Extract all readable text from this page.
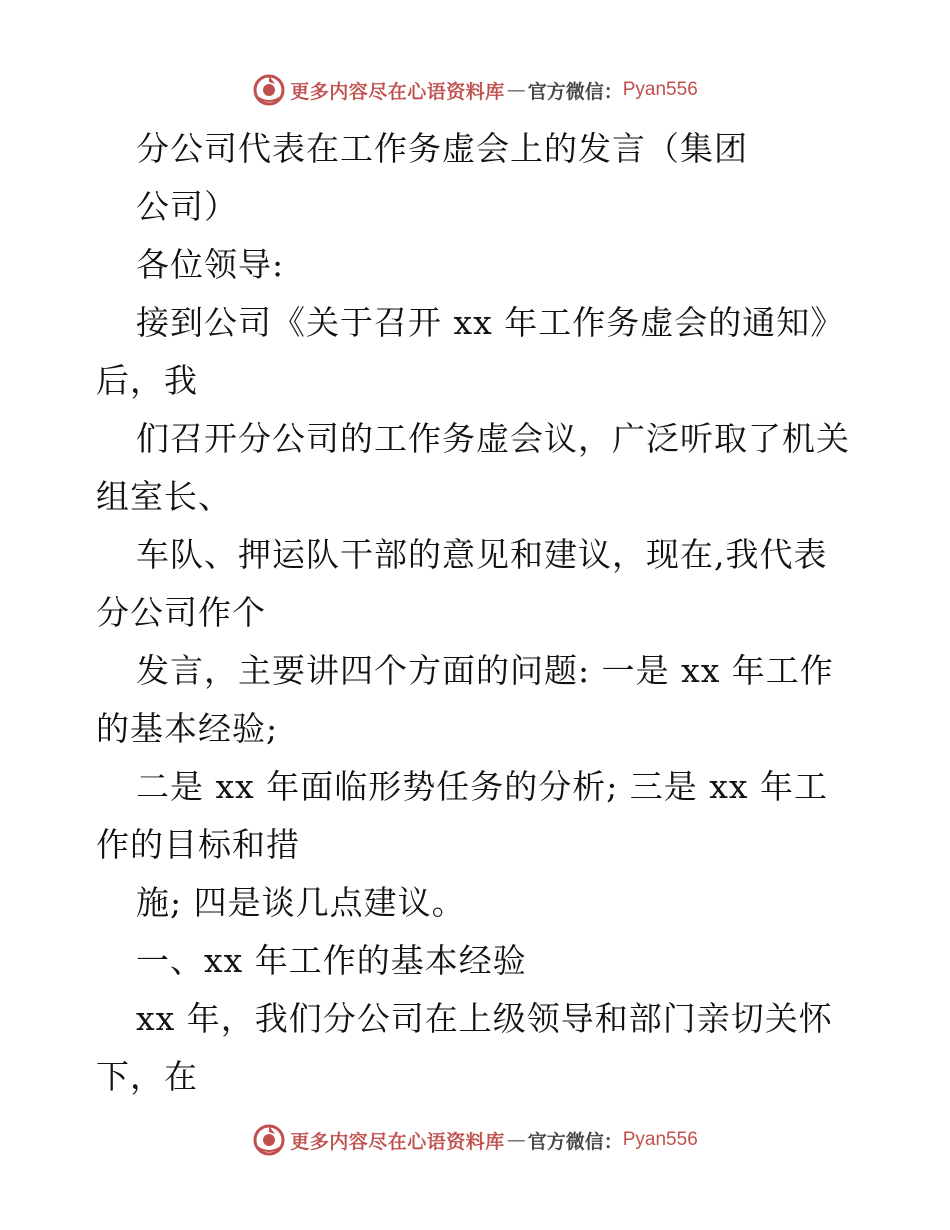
更多内容尽在心语资料库 — 官方微信： Pyan556
分公司代表在工作务虚会上的发言（集团
公司）
各位领导:
接到公司《关于召开 xx 年工作务虚会的通知》
后，我
们召开分公司的工作务虚会议，广泛听取了机关
组室长、
车队、押运队干部的意见和建议，现在,我代表
分公司作个
发言，主要讲四个方面的问题: 一是 xx 年工作
的基本经验;
二是 xx 年面临形势任务的分析; 三是 xx 年工
作的目标和措
施; 四是谈几点建议。
一、xx 年工作的基本经验
xx 年，我们分公司在上级领导和部门亲切关怀
下，在
更多内容尽在心语资料库 — 官方微信： Pyan556
